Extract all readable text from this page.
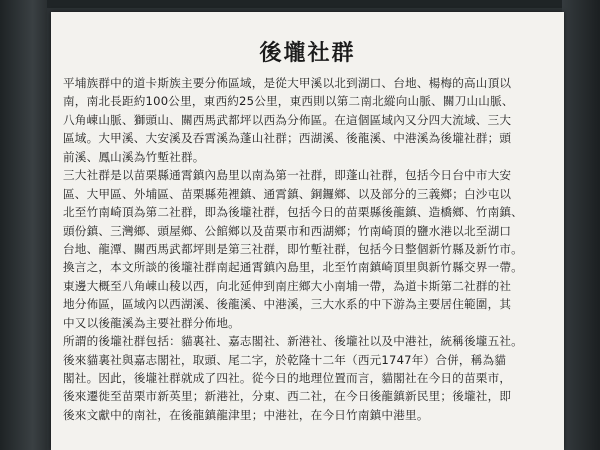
後壠社群
平埔族群中的道卡斯族主要分佈區域，是從大甲溪以北到湖口、台地、楊梅的高山頂以
南，南北長距約100公里，東西約25公里，東西則以第二南北縱向山脈、關刀山山脈、
八角崠山脈、獅頭山、關西馬武都坪以西為分佈區。在這個區域內又分四大流域、三大
區域。大甲溪、大安溪及吞霄溪為蓬山社群；西湖溪、後龍溪、中港溪為後壠社群；頭
前溪、鳳山溪為竹塹社群。
三大社群是以苗栗縣通霄鎮內島里以南為第一社群，即蓬山社群，包括今日台中市大安
區、大甲區、外埔區、苗栗縣苑裡鎮、通霄鎮、銅鑼鄉、以及部分的三義鄉；白沙屯以
北至竹南崎頂為第二社群，即為後壠社群，包括今日的苗栗縣後龍鎮、造橋鄉、竹南鎮、
頭份鎮、三灣鄉、頭屋鄉、公館鄉以及苗栗市和西湖鄉；竹南崎頂的鹽水港以北至湖口
台地、龍潭、關西馬武都坪則是第三社群，即竹塹社群，包括今日整個新竹縣及新竹市。
換言之，本文所談的後壠社群南起通霄鎮內島里，北至竹南鎮崎頂里與新竹縣交界一帶。
東邊大概至八角崠山稜以西，向北延伸到南庄鄉大小南埔一帶，為道卡斯第二社群的社
地分佈區，區域內以西湖溪、後龍溪、中港溪，三大水系的中下游為主要居住範圍，其
中又以後龍溪為主要社群分佈地。
所謂的後壠社群包括：貓裏社、嘉志閣社、新港社、後壠社以及中港社，統稱後壠五社。
後來貓裏社與嘉志閣社，取頭、尾二字，於乾隆十二年（西元1747年）合併，稱為貓
閣社。因此，後壠社群就成了四社。從今日的地理位置而言，貓閣社在今日的苗栗市，
後來遷徙至苗栗市新英里；新港社，分東、西二社，在今日後龍鎮新民里；後壠社，即
後來文獻中的南社，在後龍鎮龍津里；中港社，在今日竹南鎮中港里。
